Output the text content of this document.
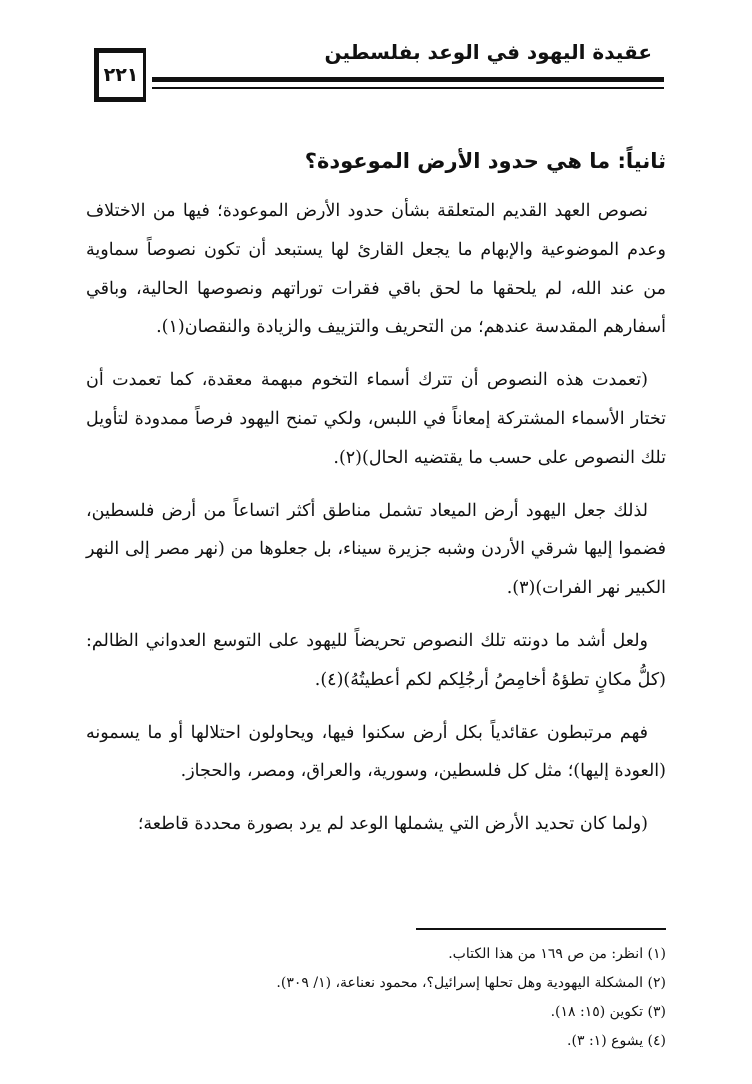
٢٢١
عقيدة اليهود في الوعد بفلسطين
ثانياً: ما هي حدود الأرض الموعودة؟

نصوص العهد القديم المتعلقة بشأن حدود الأرض الموعودة؛ فيها من الاختلاف وعدم الموضوعية والإبهام ما يجعل القارئ لها يستبعد أن تكون نصوصاً سماوية من عند الله، لم يلحقها ما لحق باقي فقرات توراتهم ونصوصها الحالية، وباقي أسفارهم المقدسة عندهم؛ من التحريف والتزييف والزيادة والنقصان(١).

(تعمدت هذه النصوص أن تترك أسماء التخوم مبهمة معقدة، كما تعمدت أن تختار الأسماء المشتركة إمعاناً في اللبس، ولكي تمنح اليهود فرصاً ممدودة لتأويل تلك النصوص على حسب ما يقتضيه الحال)(٢).

لذلك جعل اليهود أرض الميعاد تشمل مناطق أكثر اتساعاً من أرض فلسطين، فضموا إليها شرقي الأردن وشبه جزيرة سيناء، بل جعلوها من (نهر مصر إلى النهر الكبير نهر الفرات)(٣).

ولعل أشد ما دونته تلك النصوص تحريضاً لليهود على التوسع العدواني الظالم: (كلُّ مكانٍ تطؤهُ أخامِصُ أرجُلِكم لكم أعطيتُهُ)(٤).

فهم مرتبطون عقائدياً بكل أرض سكنوا فيها، ويحاولون احتلالها أو ما يسمونه (العودة إليها)؛ مثل كل فلسطين، وسورية، والعراق، ومصر، والحجاز.

(ولما كان تحديد الأرض التي يشملها الوعد لم يرد بصورة محددة قاطعة؛

(١) انظر: من ص ١٦٩ من هذا الكتاب.
(٢) المشكلة اليهودية وهل تحلها إسرائيل؟، محمود نعناعة، (١/ ٣٠٩).
(٣) تكوين (١٥: ١٨).
(٤) يشوع (١: ٣).
